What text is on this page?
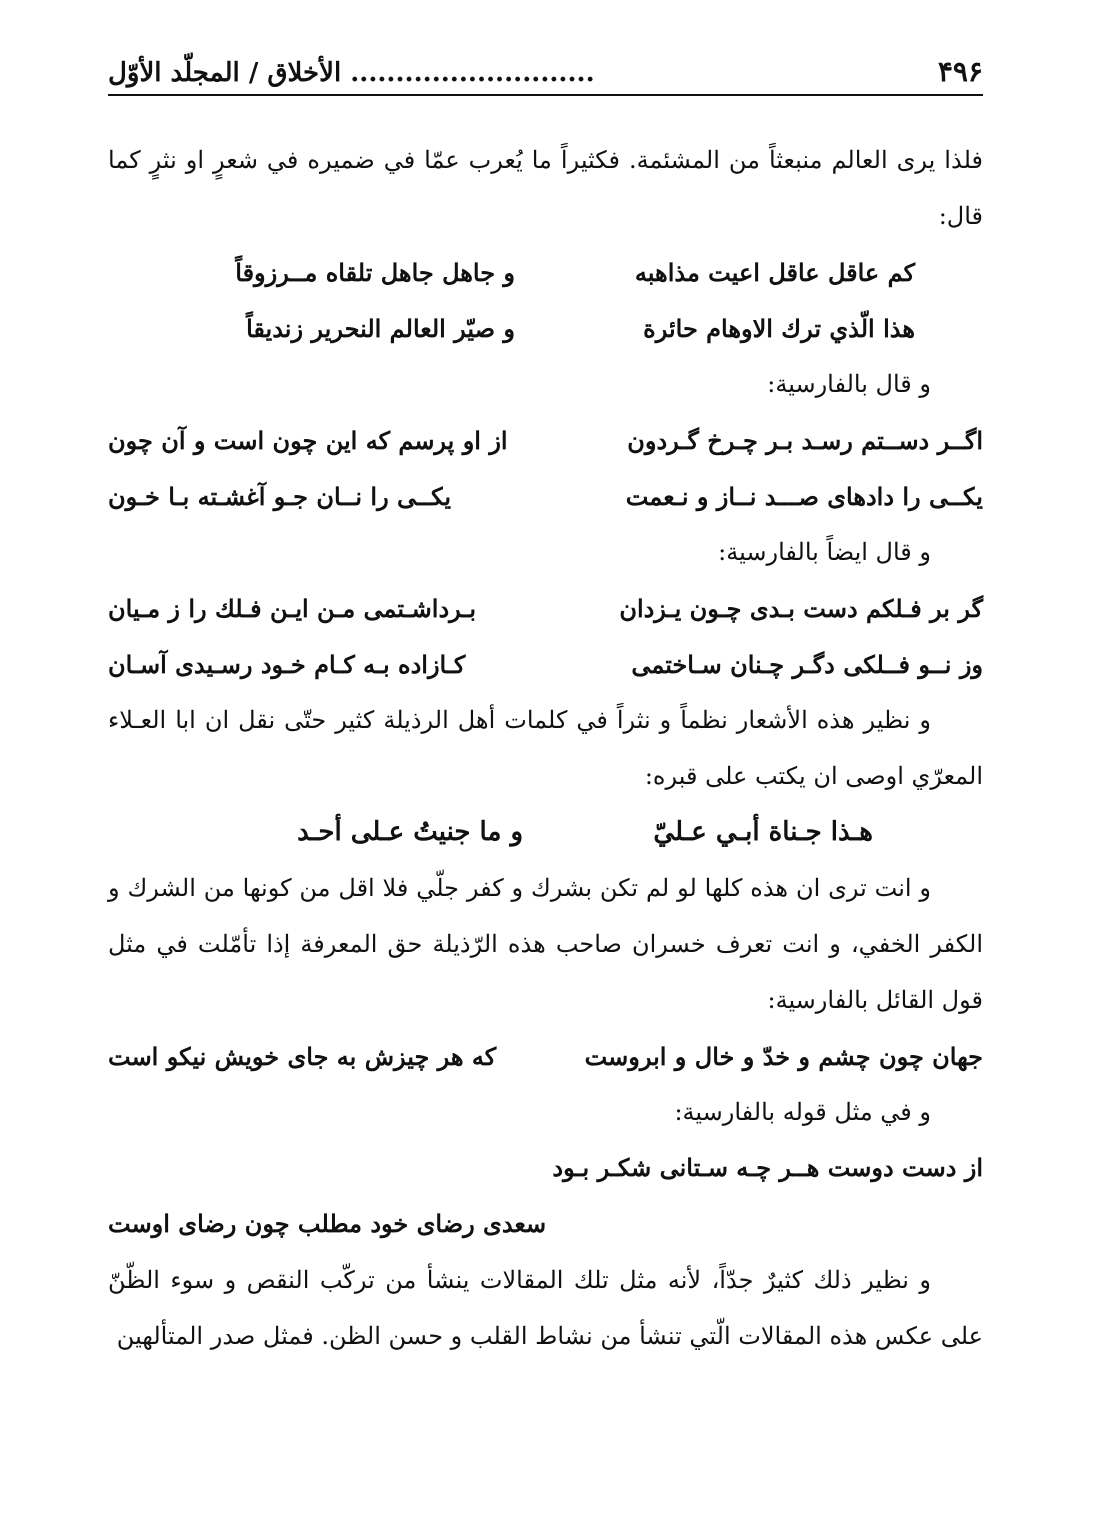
۴۹۶
........................... الأخلاق / المجلّد الأوّل

فلذا يرى العالم منبعثاً من المشئمة. فكثيراً ما يُعرب عمّا في ضميره في شعرٍ او نثرٍ كما قال:

كم عاقل عاقل اعيت مذاهبه
و جاهل جاهل تلقاه مــرزوقاً
هذا الّذي ترك الاوهام حائرة
و صيّر العالم النحرير زنديقاً

و قال بالفارسية:

اگــر دســتم رسـد بـر چـرخ گـردون
از او پرسم كه اين چون است و آن چون
يكــى را دادهاى صـــد نــاز و نـعمت
يكــى را نــان جـو آغشـته بـا خـون

و قال ايضاً بالفارسية:

گر بر فـلكم دست بـدى چـون يـزدان
بـرداشـتمى مـن ايـن فـلك را ز مـيان
وز نــو فــلكى دگـر چـنان سـاختمى
كـازاده بـه كـام خـود رسـيدى آسـان

و نظير هذه الأشعار نظماً و نثراً في كلمات أهل الرذيلة كثير حتّى نقل ان ابا العـلاء المعرّي اوصى ان يكتب على قبره:

هـذا جـناة أبـي عـليّ
و ما جنيتُ عـلى أحـد

و انت ترى ان هذه كلها لو لم تكن بشرك و كفر جلّي فلا اقل من كونها من الشرك و الكفر الخفي، و انت تعرف خسران صاحب هذه الرّذيلة حق المعرفة إذا تأمّلت في مثل قول القائل بالفارسية:

جهان چون چشم و خدّ و خال و ابروست
كه هر چيزش به جاى خويش نيكو است

و في مثل قوله بالفارسية:

از دست دوست هــر چـه سـتانى شكـر بـود
سعدى رضاى خود مطلب چون رضاى اوست

و نظير ذلك كثيرٌ جدّاً، لأنه مثل تلك المقالات ينشأ من تركّب النقص و سوء الظّنّ على عكس هذه المقالات الّتي تنشأ من نشاط القلب و حسن الظن. فمثل صدر المتألهين
